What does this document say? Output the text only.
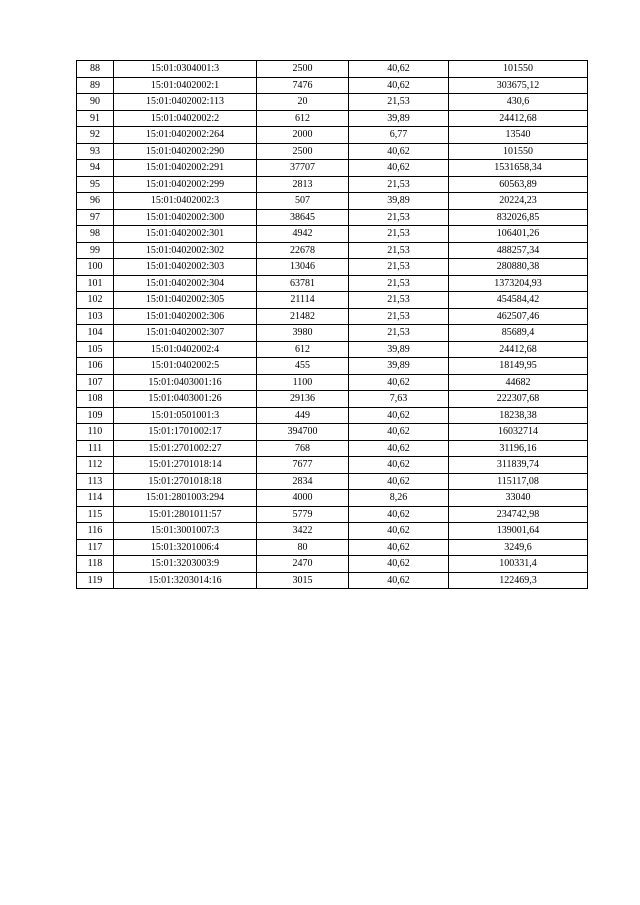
88	15:01:0304001:3	2500	40,62	101550
89	15:01:0402002:1	7476	40,62	303675,12
90	15:01:0402002:113	20	21,53	430,6
91	15:01:0402002:2	612	39,89	24412,68
92	15:01:0402002:264	2000	6,77	13540
93	15:01:0402002:290	2500	40,62	101550
94	15:01:0402002:291	37707	40,62	1531658,34
95	15:01:0402002:299	2813	21,53	60563,89
96	15:01:0402002:3	507	39,89	20224,23
97	15:01:0402002:300	38645	21,53	832026,85
98	15:01:0402002:301	4942	21,53	106401,26
99	15:01:0402002:302	22678	21,53	488257,34
100	15:01:0402002:303	13046	21,53	280880,38
101	15:01:0402002:304	63781	21,53	1373204,93
102	15:01:0402002:305	21114	21,53	454584,42
103	15:01:0402002:306	21482	21,53	462507,46
104	15:01:0402002:307	3980	21,53	85689,4
105	15:01:0402002:4	612	39,89	24412,68
106	15:01:0402002:5	455	39,89	18149,95
107	15:01:0403001:16	1100	40,62	44682
108	15:01:0403001:26	29136	7,63	222307,68
109	15:01:0501001:3	449	40,62	18238,38
110	15:01:1701002:17	394700	40,62	16032714
111	15:01:2701002:27	768	40,62	31196,16
112	15:01:2701018:14	7677	40,62	311839,74
113	15:01:2701018:18	2834	40,62	115117,08
114	15:01:2801003:294	4000	8,26	33040
115	15:01:2801011:57	5779	40,62	234742,98
116	15:01:3001007:3	3422	40,62	139001,64
117	15:01:3201006:4	80	40,62	3249,6
118	15:01:3203003:9	2470	40,62	100331,4
119	15:01:3203014:16	3015	40,62	122469,3
